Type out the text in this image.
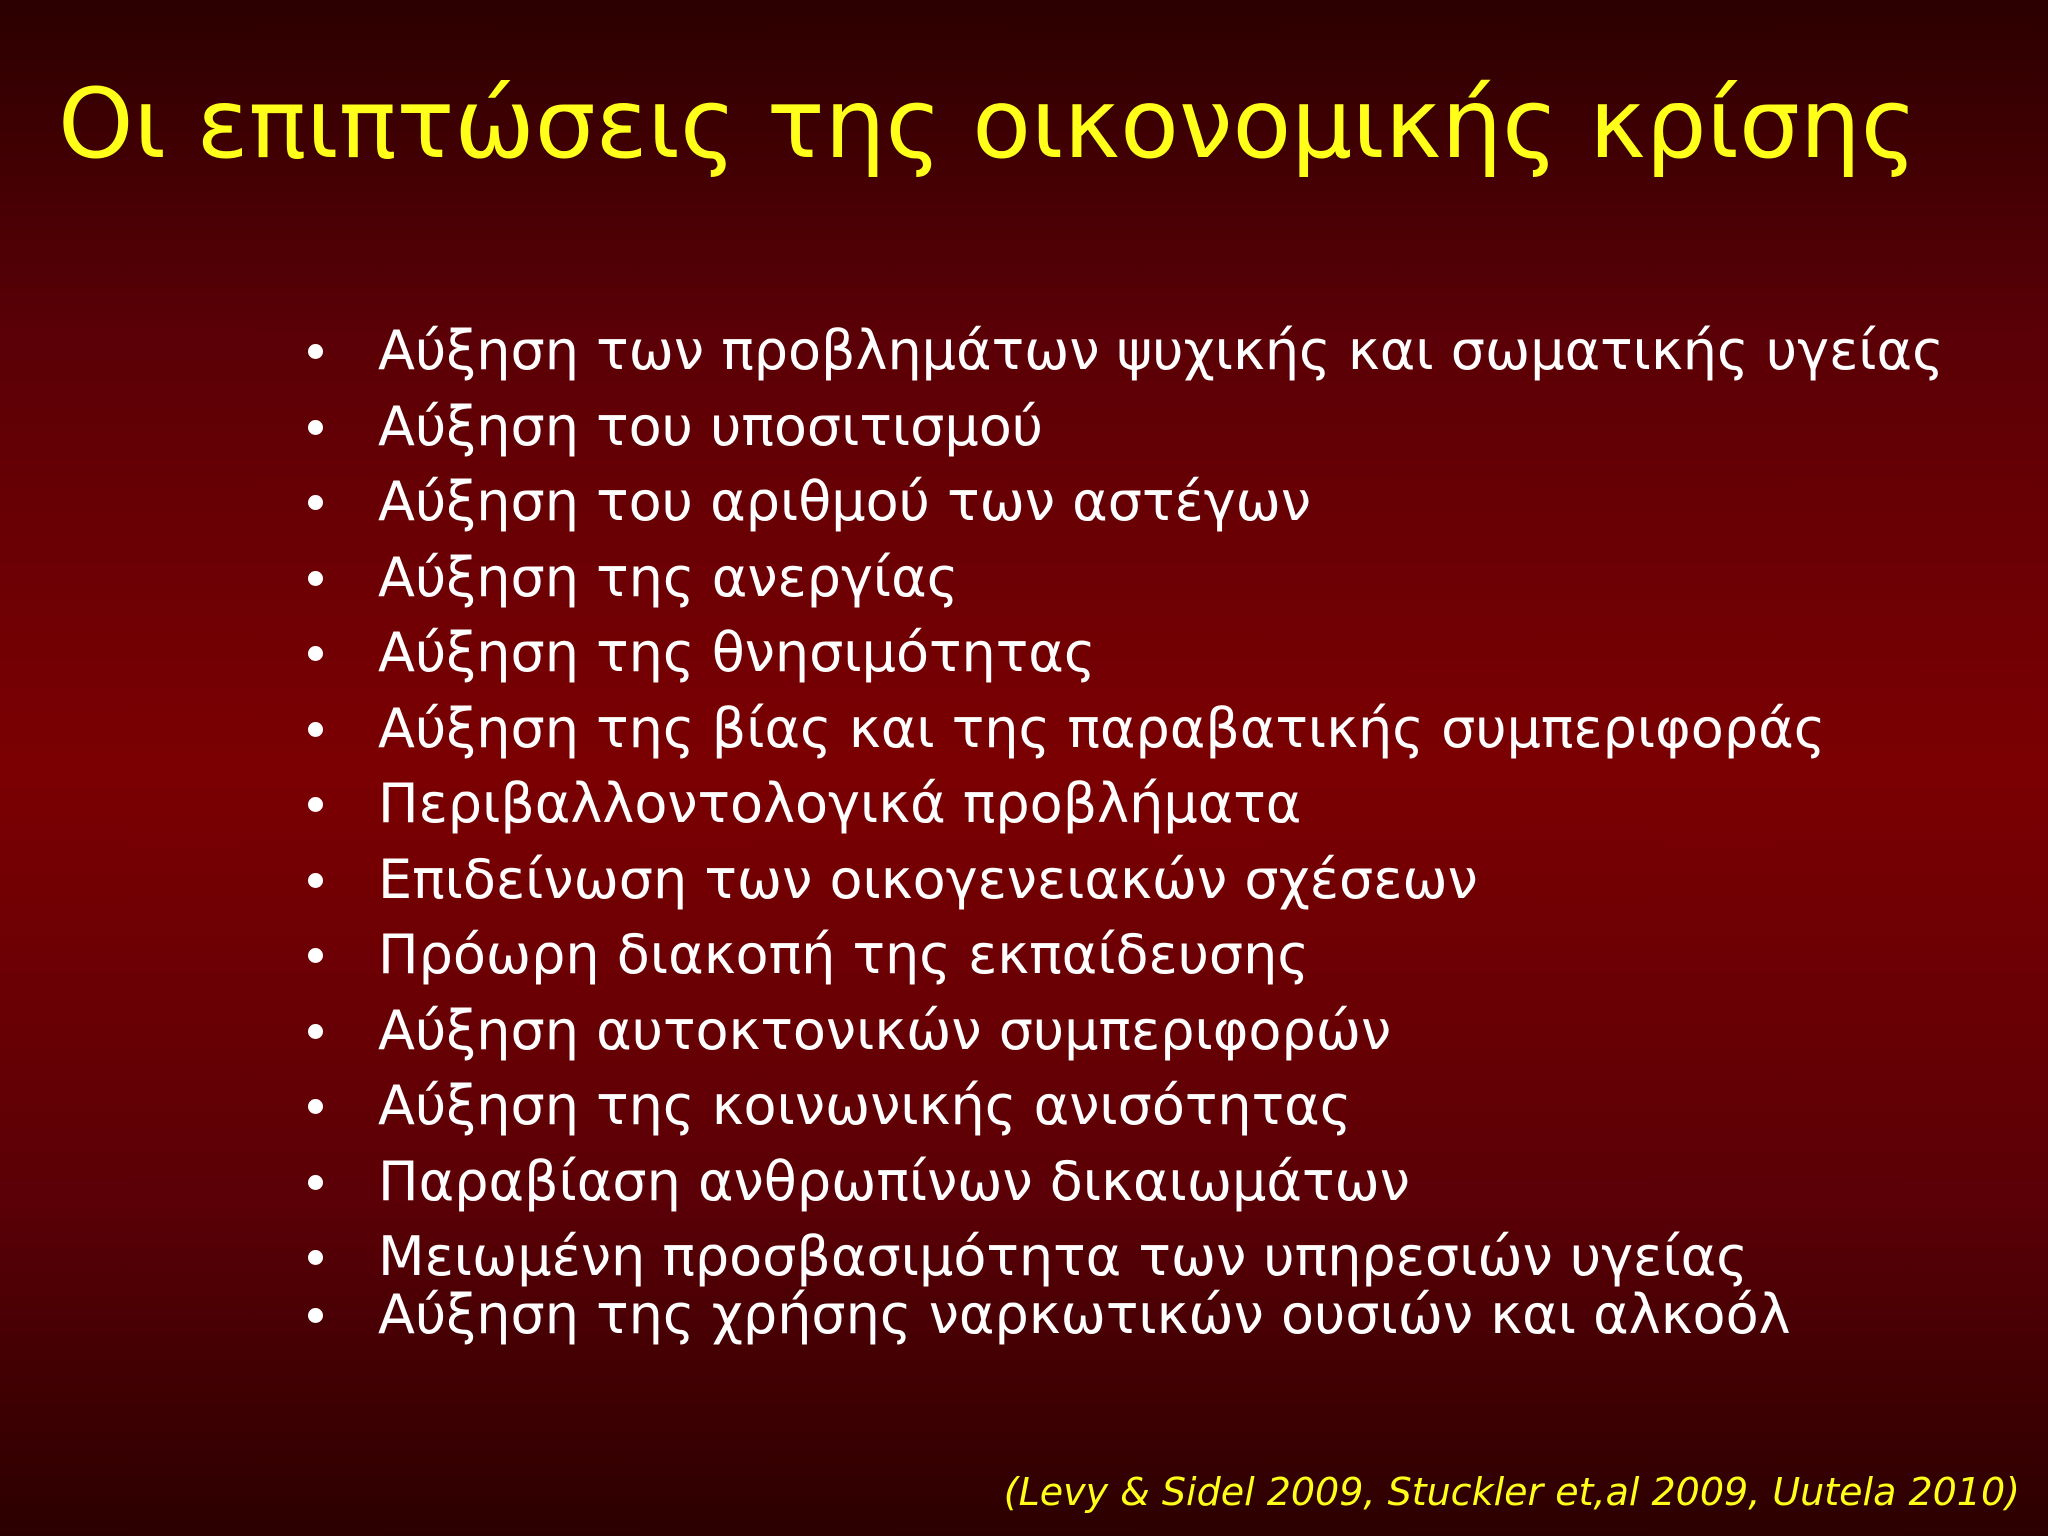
Οι επιπτώσεις της οικονομικής κρίσης
Αύξηση των προβλημάτων ψυχικής και σωματικής υγείας
Αύξηση του υποσιτισμού
Αύξηση του αριθμού των αστέγων
Αύξηση της ανεργίας
Αύξηση της θνησιμότητας
Αύξηση της βίας και της παραβατικής συμπεριφοράς
Περιβαλλοντολογικά προβλήματα
Επιδείνωση των οικογενειακών σχέσεων
Πρόωρη διακοπή της εκπαίδευσης
Αύξηση αυτοκτονικών συμπεριφορών
Αύξηση της κοινωνικής ανισότητας
Παραβίαση ανθρωπίνων δικαιωμάτων
Μειωμένη προσβασιμότητα των υπηρεσιών υγείας
Αύξηση της χρήσης ναρκωτικών ουσιών και αλκοόλ
(Levy & Sidel 2009, Stuckler et,al 2009, Uutela 2010)
